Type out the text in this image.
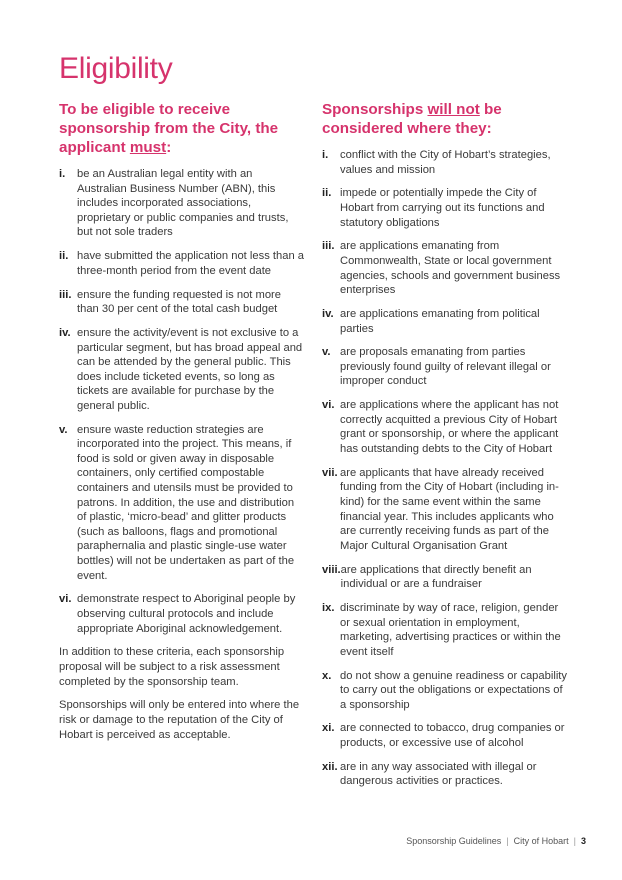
Eligibility
To be eligible to receive sponsorship from the City, the applicant must:
i.	be an Australian legal entity with an Australian Business Number (ABN), this includes incorporated associations, proprietary or public companies and trusts, but not sole traders
ii. have submitted the application not less than a three-month period from the event date
iii. ensure the funding requested is not more than 30 per cent of the total cash budget
iv. ensure the activity/event is not exclusive to a particular segment, but has broad appeal and can be attended by the general public. This does include ticketed events, so long as tickets are available for purchase by the general public.
v. ensure waste reduction strategies are incorporated into the project. This means, if food is sold or given away in disposable containers, only certified compostable containers and utensils must be provided to patrons. In addition, the use and distribution of plastic, ‘micro-bead’ and glitter products (such as balloons, flags and promotional paraphernalia and plastic single-use water bottles) will not be undertaken as part of the event.
vi. demonstrate respect to Aboriginal people by observing cultural protocols and include appropriate Aboriginal acknowledgement.

In addition to these criteria, each sponsorship proposal will be subject to a risk assessment completed by the sponsorship team.

Sponsorships will only be entered into where the risk or damage to the reputation of the City of Hobart is perceived as acceptable.

Sponsorships will not be considered where they:
i.	conflict with the City of Hobart’s strategies, values and mission
ii. impede or potentially impede the City of Hobart from carrying out its functions and statutory obligations
iii. are applications emanating from Commonwealth, State or local government agencies, schools and government business enterprises
iv. are applications emanating from political parties
v. are proposals emanating from parties previously found guilty of relevant illegal or improper conduct
vi. are applications where the applicant has not correctly acquitted a previous City of Hobart grant or sponsorship, or where the applicant has outstanding debts to the City of Hobart
vii. are applicants that have already received funding from the City of Hobart (including in-kind) for the same event within the same financial year. This includes applicants who are currently receiving funds as part of the Major Cultural Organisation Grant
viii. are applications that directly benefit an individual or are a fundraiser
ix. discriminate by way of race, religion, gender or sexual orientation in employment, marketing, advertising practices or within the event itself
x. do not show a genuine readiness or capability to carry out the obligations or expectations of a sponsorship
xi. are connected to tobacco, drug companies or products, or excessive use of alcohol
xii. are in any way associated with illegal or dangerous activities or practices.
Sponsorship Guidelines | City of Hobart | 3
